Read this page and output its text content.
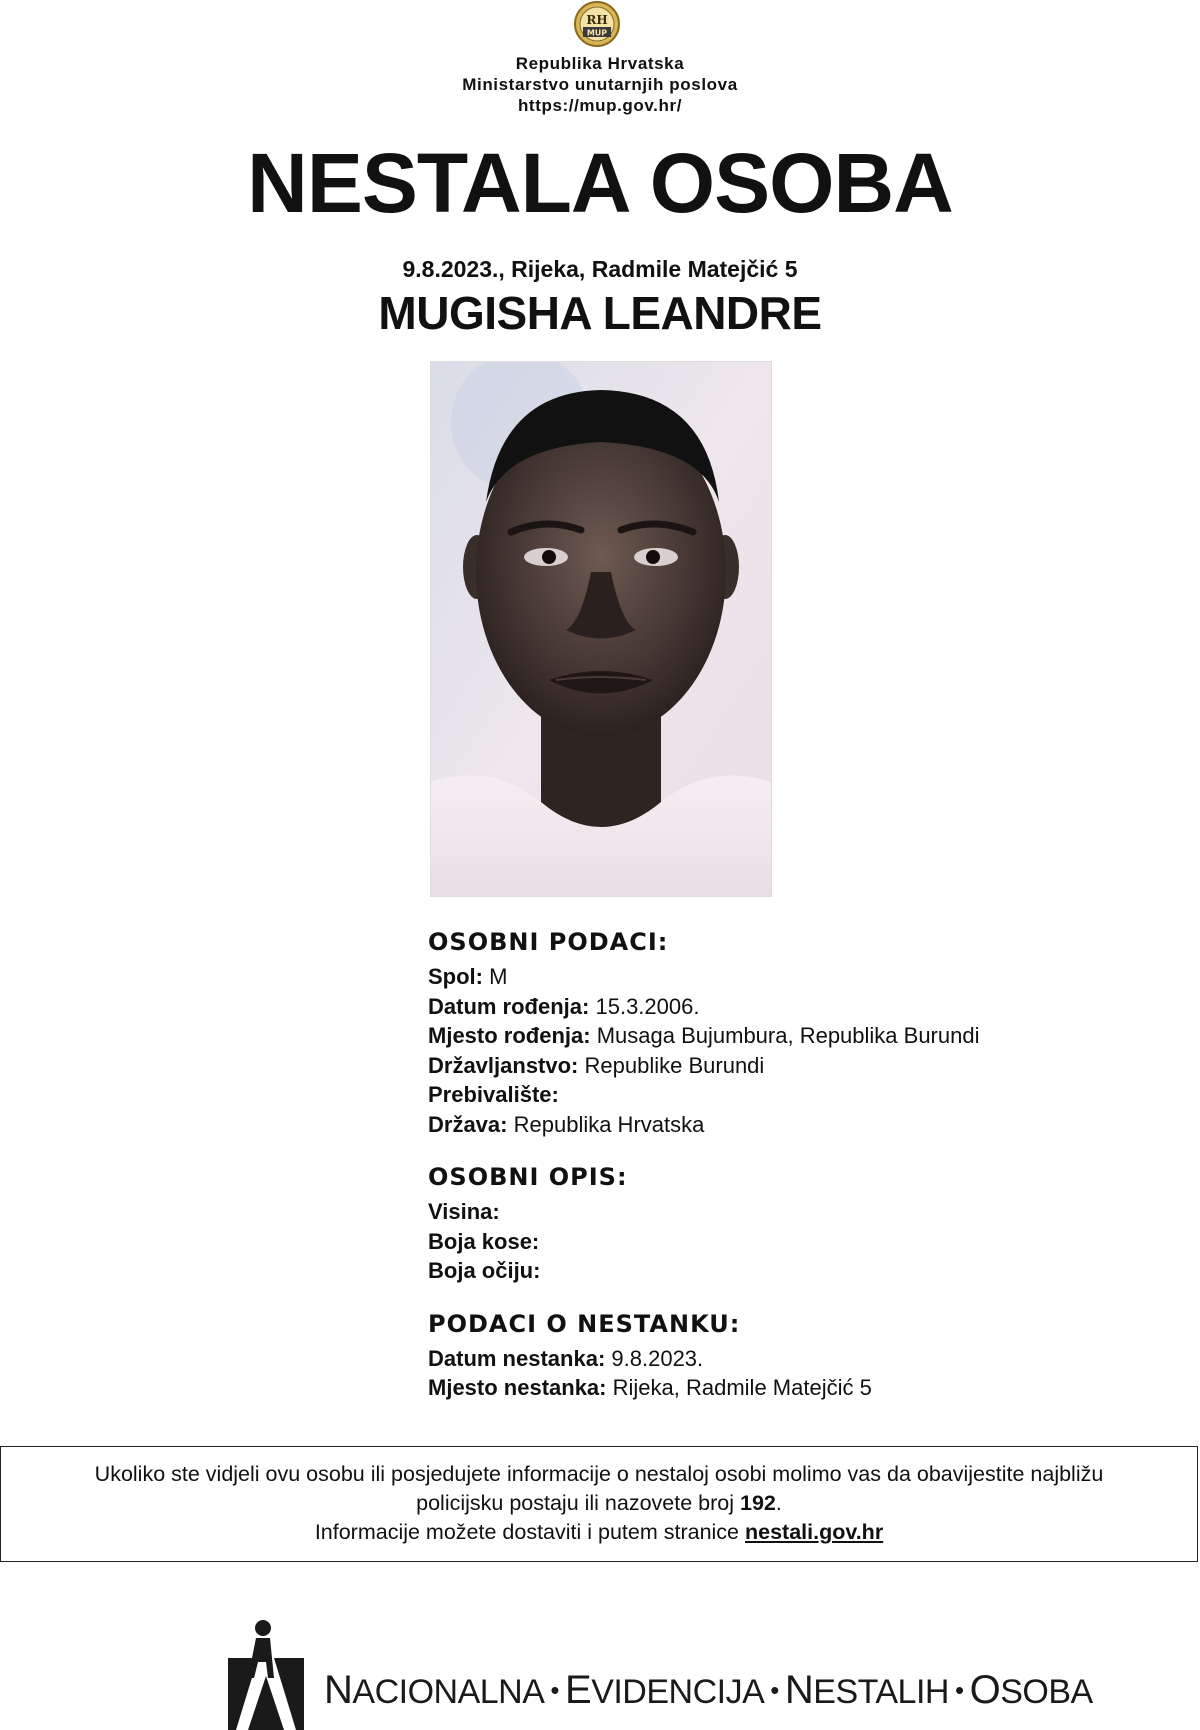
RH
MUP
Republika Hrvatska
Ministarstvo unutarnjih poslova
https://mup.gov.hr/
NESTALA OSOBA
9.8.2023., Rijeka, Radmile Matejčić 5
MUGISHA LEANDRE
OSOBNI PODACI:
Spol: M
Datum rođenja: 15.3.2006.
Mjesto rođenja: Musaga Bujumbura, Republika Burundi
Državljanstvo: Republike Burundi
Prebivalište:
Država: Republika Hrvatska
OSOBNI OPIS:
Visina:
Boja kose:
Boja očiju:
PODACI O NESTANKU:
Datum nestanka: 9.8.2023.
Mjesto nestanka: Rijeka, Radmile Matejčić 5
Ukoliko ste vidjeli ovu osobu ili posjedujete informacije o nestaloj osobi molimo vas da obavijestite najbližu
policijsku postaju ili nazovete broj 192.
Informacije možete dostaviti i putem stranice nestali.gov.hr
NACIONALNA • EVIDENCIJA • NESTALIH • OSOBA
